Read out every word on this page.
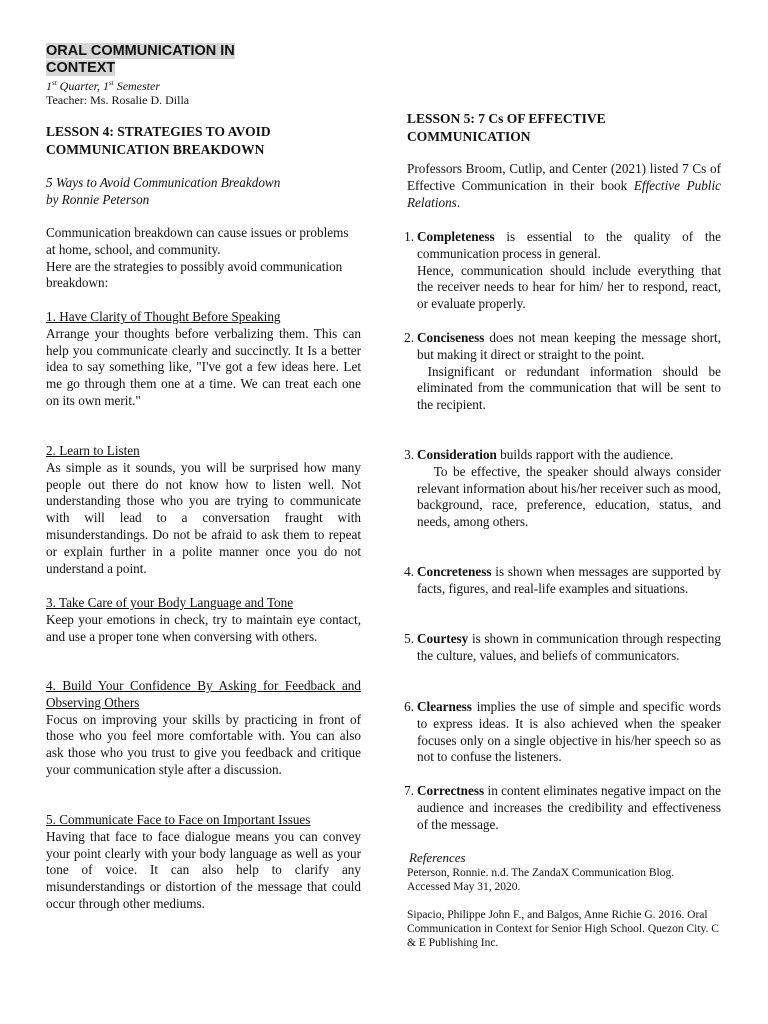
ORAL COMMUNICATION IN CONTEXT
1st Quarter, 1st Semester
Teacher: Ms. Rosalie D. Dilla
LESSON 4: STRATEGIES TO AVOID COMMUNICATION BREAKDOWN
5 Ways to Avoid Communication Breakdown
by Ronnie Peterson

Communication breakdown can cause issues or problems at home, school, and community.

Here are the strategies to possibly avoid communication breakdown:

1. Have Clarity of Thought Before Speaking

Arrange your thoughts before verbalizing them. This can help you communicate clearly and succinctly. It Is a better idea to say something like, "I've got a few ideas here. Let me go through them one at a time. We can treat each one on its own merit."

2. Learn to Listen

As simple as it sounds, you will be surprised how many people out there do not know how to listen well. Not understanding those who you are trying to communicate with will lead to a conversation fraught with misunderstandings. Do not be afraid to ask them to repeat or explain further in a polite manner once you do not understand a point.

3. Take Care of your Body Language and Tone

Keep your emotions in check, try to maintain eye contact, and use a proper tone when conversing with others.

4. Build Your Confidence By Asking for Feedback and Observing Others

Focus on improving your skills by practicing in front of those who you feel more comfortable with. You can also ask those who you trust to give you feedback and critique your communication style after a discussion.

5. Communicate Face to Face on Important Issues

Having that face to face dialogue means you can convey your point clearly with your body language as well as your tone of voice. It can also help to clarify any misunderstandings or distortion of the message that could occur through other mediums.

LESSON 5: 7 Cs OF EFFECTIVE COMMUNICATION
Professors Broom, Cutlip, and Center (2021) listed 7 Cs of Effective Communication in their book Effective Public Relations.
1. Completeness is essential to the quality of the communication process in general.
Hence, communication should include everything that the receiver needs to hear for him/ her to respond, react, or evaluate properly.
2. Conciseness does not mean keeping the message short, but making it direct or straight to the point.
Insignificant or redundant information should be eliminated from the communication that will be sent to the recipient.
3. Consideration builds rapport with the audience.
To be effective, the speaker should always consider relevant information about his/her receiver such as mood, background, race, preference, education, status, and needs, among others.
4. Concreteness is shown when messages are supported by facts, figures, and real-life examples and situations.
5. Courtesy is shown in communication through respecting the culture, values, and beliefs of communicators.
6. Clearness implies the use of simple and specific words to express ideas. It is also achieved when the speaker focuses only on a single objective in his/her speech so as not to confuse the listeners.
7. Correctness in content eliminates negative impact on the audience and increases the credibility and effectiveness of the message.
References
Peterson, Ronnie. n.d. The ZandaX Communication Blog. Accessed May 31, 2020.
Sipacio, Philippe John F., and Balgos, Anne Richie G. 2016. Oral Communication in Context for Senior High School. Quezon City. C & E Publishing Inc.
